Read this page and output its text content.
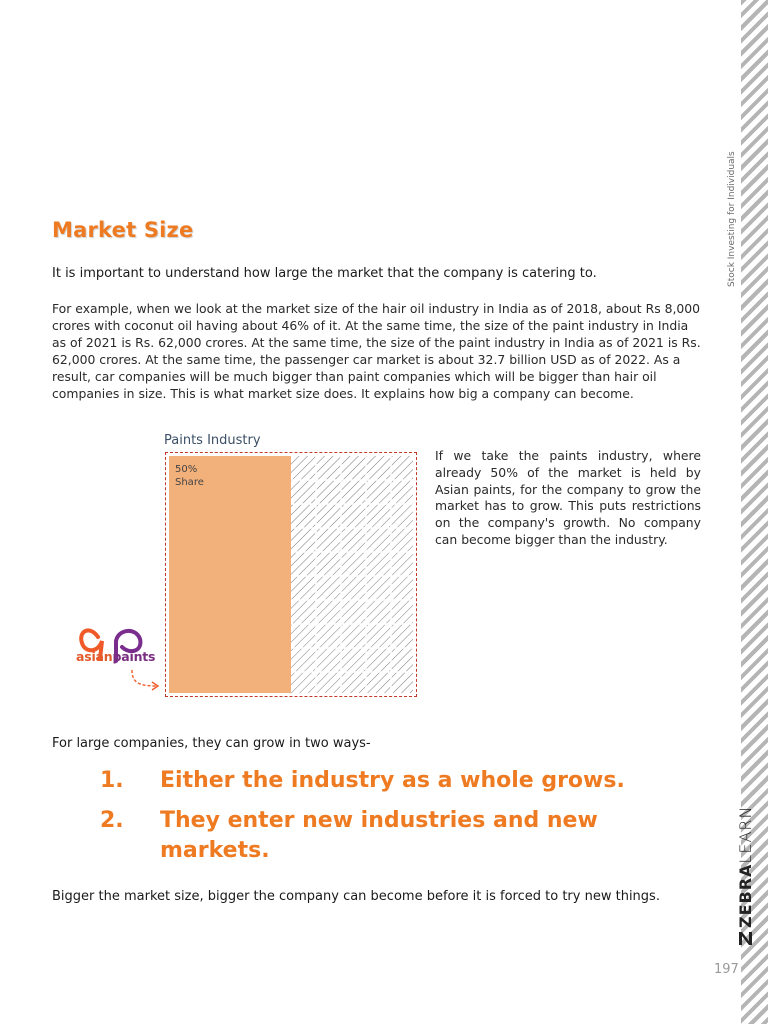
Stock Investing for Individuals
ZEBRA
LEARN
197
Market Size

It is important to understand how large the market that the company is catering to.

For example, when we look at the market size of the hair oil industry in India as of 2018, about Rs 8,000 crores with coconut oil having about 46% of it. At the same time, the size of the paint industry in India as of 2021 is Rs. 62,000 crores. At the same time, the size of the paint industry in India as of 2021 is Rs. 62,000 crores. At the same time, the passenger car market is about 32.7 billion USD as of 2022. As a result, car companies will be much bigger than paint companies which will be bigger than hair oil companies in size. This is what market size does. It explains how big a company can become.

Paints Industry
50%
Share
asianpaints

If we take the paints industry, where already 50% of the market is held by Asian paints, for the company to grow the market has to grow. This puts restrictions on the company's growth. No company can become bigger than the industry.

For large companies, they can grow in two ways-

1.	Either the industry as a whole grows.
2.	They enter new industries and new markets.

Bigger the market size, bigger the company can become before it is forced to try new things.
